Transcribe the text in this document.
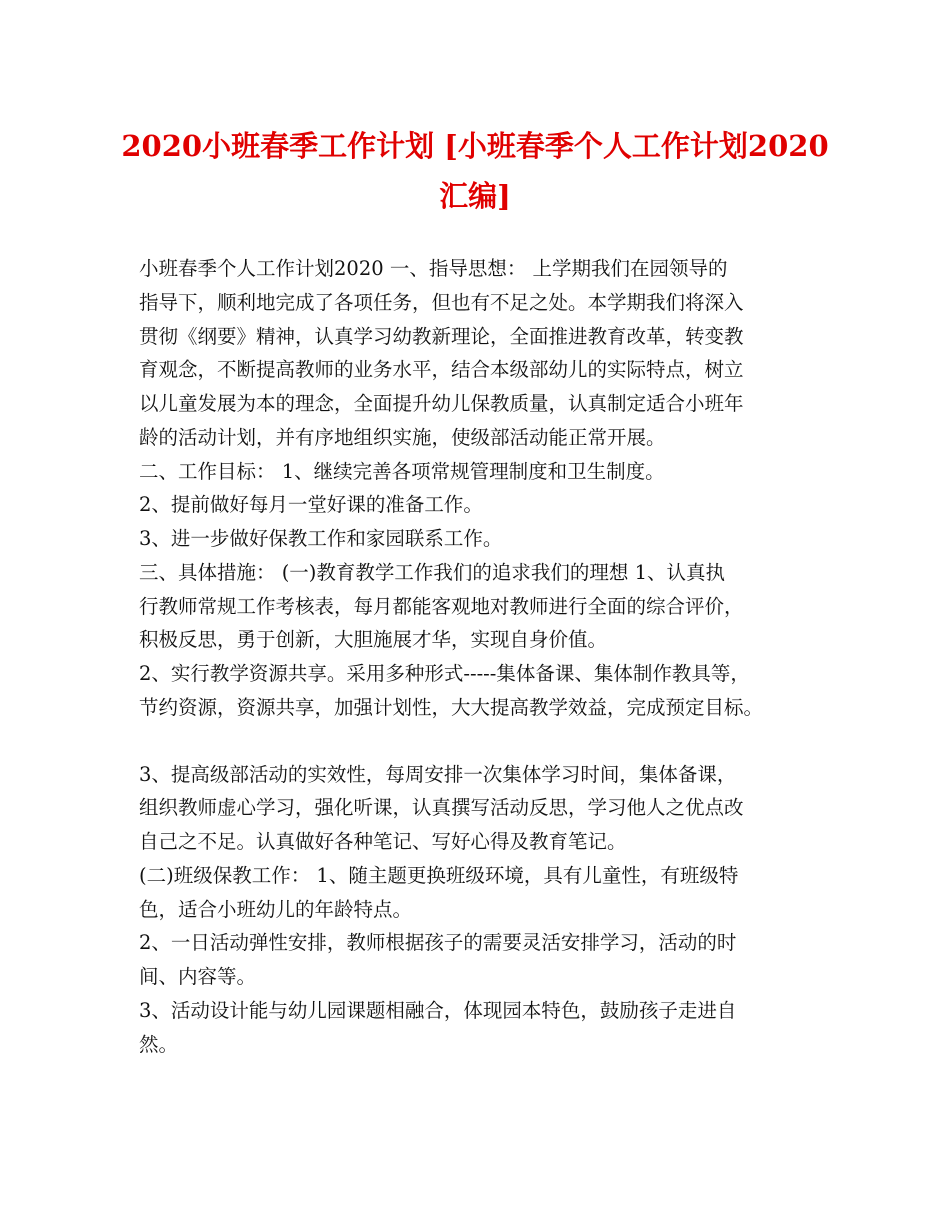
2020小班春季工作计划 [小班春季个人工作计划2020
汇编]
小班春季个人工作计划2020 一、指导思想： 上学期我们在园领导的
指导下，顺利地完成了各项任务，但也有不足之处。本学期我们将深入
贯彻《纲要》精神，认真学习幼教新理论，全面推进教育改革，转变教
育观念，不断提高教师的业务水平，结合本级部幼儿的实际特点，树立
以儿童发展为本的理念，全面提升幼儿保教质量，认真制定适合小班年
龄的活动计划，并有序地组织实施，使级部活动能正常开展。
二、工作目标： 1、继续完善各项常规管理制度和卫生制度。
2、提前做好每月一堂好课的准备工作。
3、进一步做好保教工作和家园联系工作。
三、具体措施： (一)教育教学工作我们的追求我们的理想 1、认真执
行教师常规工作考核表，每月都能客观地对教师进行全面的综合评价，
积极反思，勇于创新，大胆施展才华，实现自身价值。
2、实行教学资源共享。采用多种形式-----集体备课、集体制作教具等，
节约资源，资源共享，加强计划性，大大提高教学效益，完成预定目标。
3、提高级部活动的实效性，每周安排一次集体学习时间，集体备课，
组织教师虚心学习，强化听课，认真撰写活动反思，学习他人之优点改
自己之不足。认真做好各种笔记、写好心得及教育笔记。
(二)班级保教工作： 1、随主题更换班级环境，具有儿童性，有班级特
色，适合小班幼儿的年龄特点。
2、一日活动弹性安排，教师根据孩子的需要灵活安排学习，活动的时
间、内容等。
3、活动设计能与幼儿园课题相融合，体现园本特色，鼓励孩子走进自
然。
